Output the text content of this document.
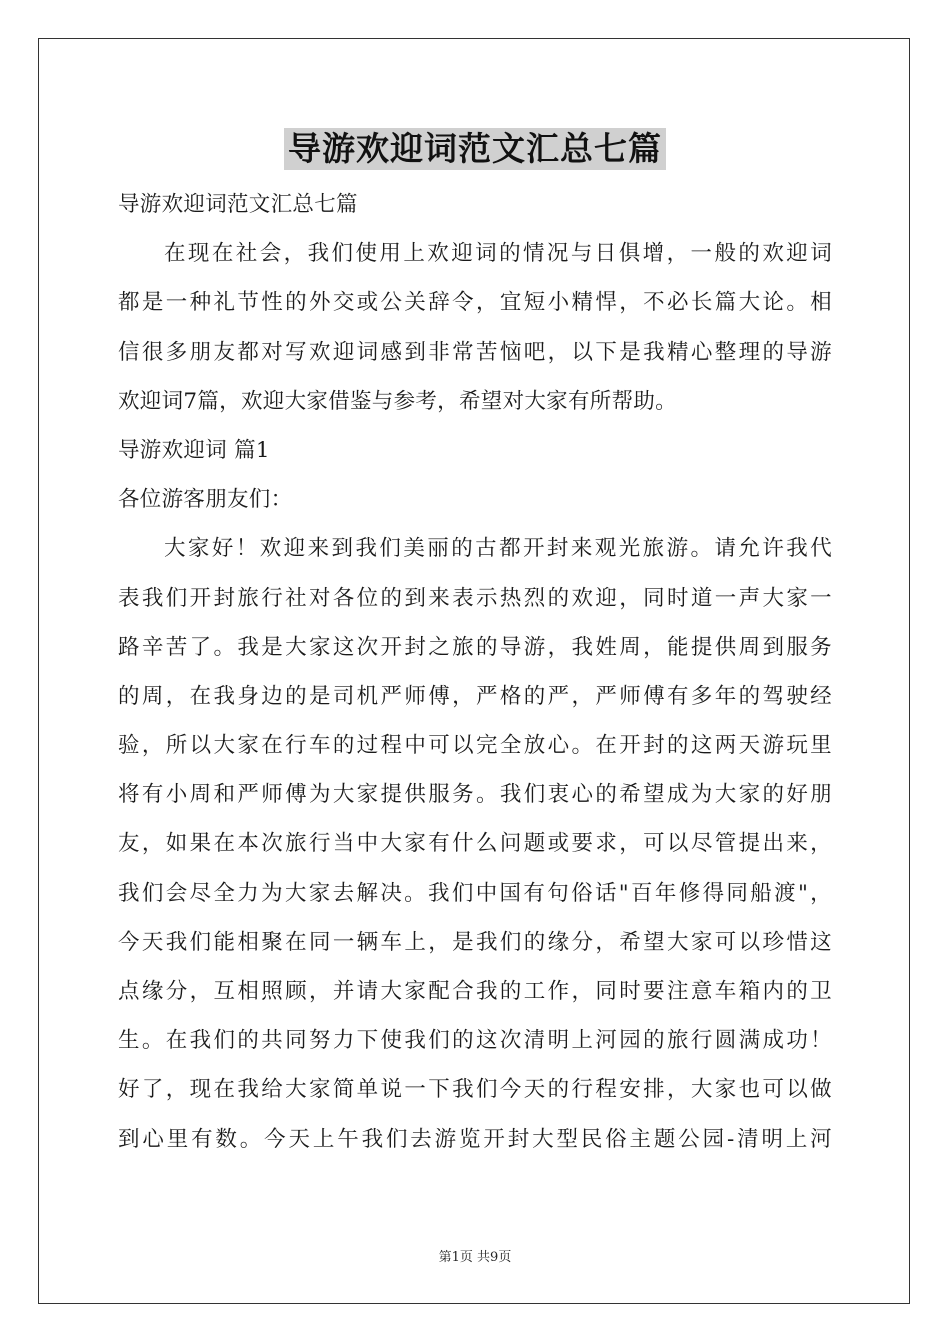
导游欢迎词范文汇总七篇
导游欢迎词范文汇总七篇
在现在社会，我们使用上欢迎词的情况与日俱增，一般的欢迎词
都是一种礼节性的外交或公关辞令，宜短小精悍，不必长篇大论。相
信很多朋友都对写欢迎词感到非常苦恼吧，以下是我精心整理的导游
欢迎词7篇，欢迎大家借鉴与参考，希望对大家有所帮助。
导游欢迎词 篇1
各位游客朋友们：
大家好！欢迎来到我们美丽的古都开封来观光旅游。请允许我代
表我们开封旅行社对各位的到来表示热烈的欢迎，同时道一声大家一
路辛苦了。我是大家这次开封之旅的导游，我姓周，能提供周到服务
的周，在我身边的是司机严师傅，严格的严，严师傅有多年的驾驶经
验，所以大家在行车的过程中可以完全放心。在开封的这两天游玩里
将有小周和严师傅为大家提供服务。我们衷心的希望成为大家的好朋
友，如果在本次旅行当中大家有什么问题或要求，可以尽管提出来，
我们会尽全力为大家去解决。我们中国有句俗话"百年修得同船渡"，
今天我们能相聚在同一辆车上，是我们的缘分，希望大家可以珍惜这
点缘分，互相照顾，并请大家配合我的工作，同时要注意车箱内的卫
生。在我们的共同努力下使我们的这次清明上河园的旅行圆满成功！
好了，现在我给大家简单说一下我们今天的行程安排，大家也可以做
到心里有数。今天上午我们去游览开封大型民俗主题公园-清明上河
第1页 共9页
